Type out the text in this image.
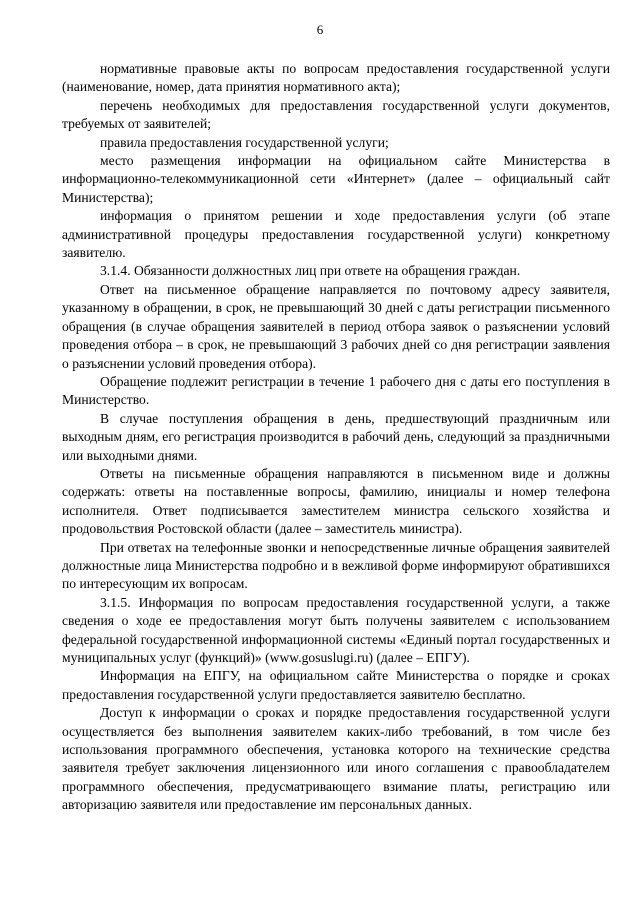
6

нормативные правовые акты по вопросам предоставления государственной услуги (наименование, номер, дата принятия нормативного акта);

перечень необходимых для предоставления государственной услуги документов, требуемых от заявителей;

правила предоставления государственной услуги;

место размещения информации на официальном сайте Министерства в информационно-телекоммуникационной сети «Интернет» (далее – официальный сайт Министерства);

информация о принятом решении и ходе предоставления услуги (об этапе административной процедуры предоставления государственной услуги) конкретному заявителю.

3.1.4. Обязанности должностных лиц при ответе на обращения граждан.

Ответ на письменное обращение направляется по почтовому адресу заявителя, указанному в обращении, в срок, не превышающий 30 дней с даты регистрации письменного обращения (в случае обращения заявителей в период отбора заявок о разъяснении условий проведения отбора – в срок, не превышающий 3 рабочих дней со дня регистрации заявления о разъяснении условий проведения отбора).

Обращение подлежит регистрации в течение 1 рабочего дня с даты его поступления в Министерство.

В случае поступления обращения в день, предшествующий праздничным или выходным дням, его регистрация производится в рабочий день, следующий за праздничными или выходными днями.

Ответы на письменные обращения направляются в письменном виде и должны содержать: ответы на поставленные вопросы, фамилию, инициалы и номер телефона исполнителя. Ответ подписывается заместителем министра сельского хозяйства и продовольствия Ростовской области (далее – заместитель министра).

При ответах на телефонные звонки и непосредственные личные обращения заявителей должностные лица Министерства подробно и в вежливой форме информируют обратившихся по интересующим их вопросам.

3.1.5. Информация по вопросам предоставления государственной услуги, а также сведения о ходе ее предоставления могут быть получены заявителем с использованием федеральной государственной информационной системы «Единый портал государственных и муниципальных услуг (функций)» (www.gosuslugi.ru) (далее – ЕПГУ).

Информация на ЕПГУ, на официальном сайте Министерства о порядке и сроках предоставления государственной услуги предоставляется заявителю бесплатно.

Доступ к информации о сроках и порядке предоставления государственной услуги осуществляется без выполнения заявителем каких-либо требований, в том числе без использования программного обеспечения, установка которого на технические средства заявителя требует заключения лицензионного или иного соглашения с правообладателем программного обеспечения, предусматривающего взимание платы, регистрацию или авторизацию заявителя или предоставление им персональных данных.
